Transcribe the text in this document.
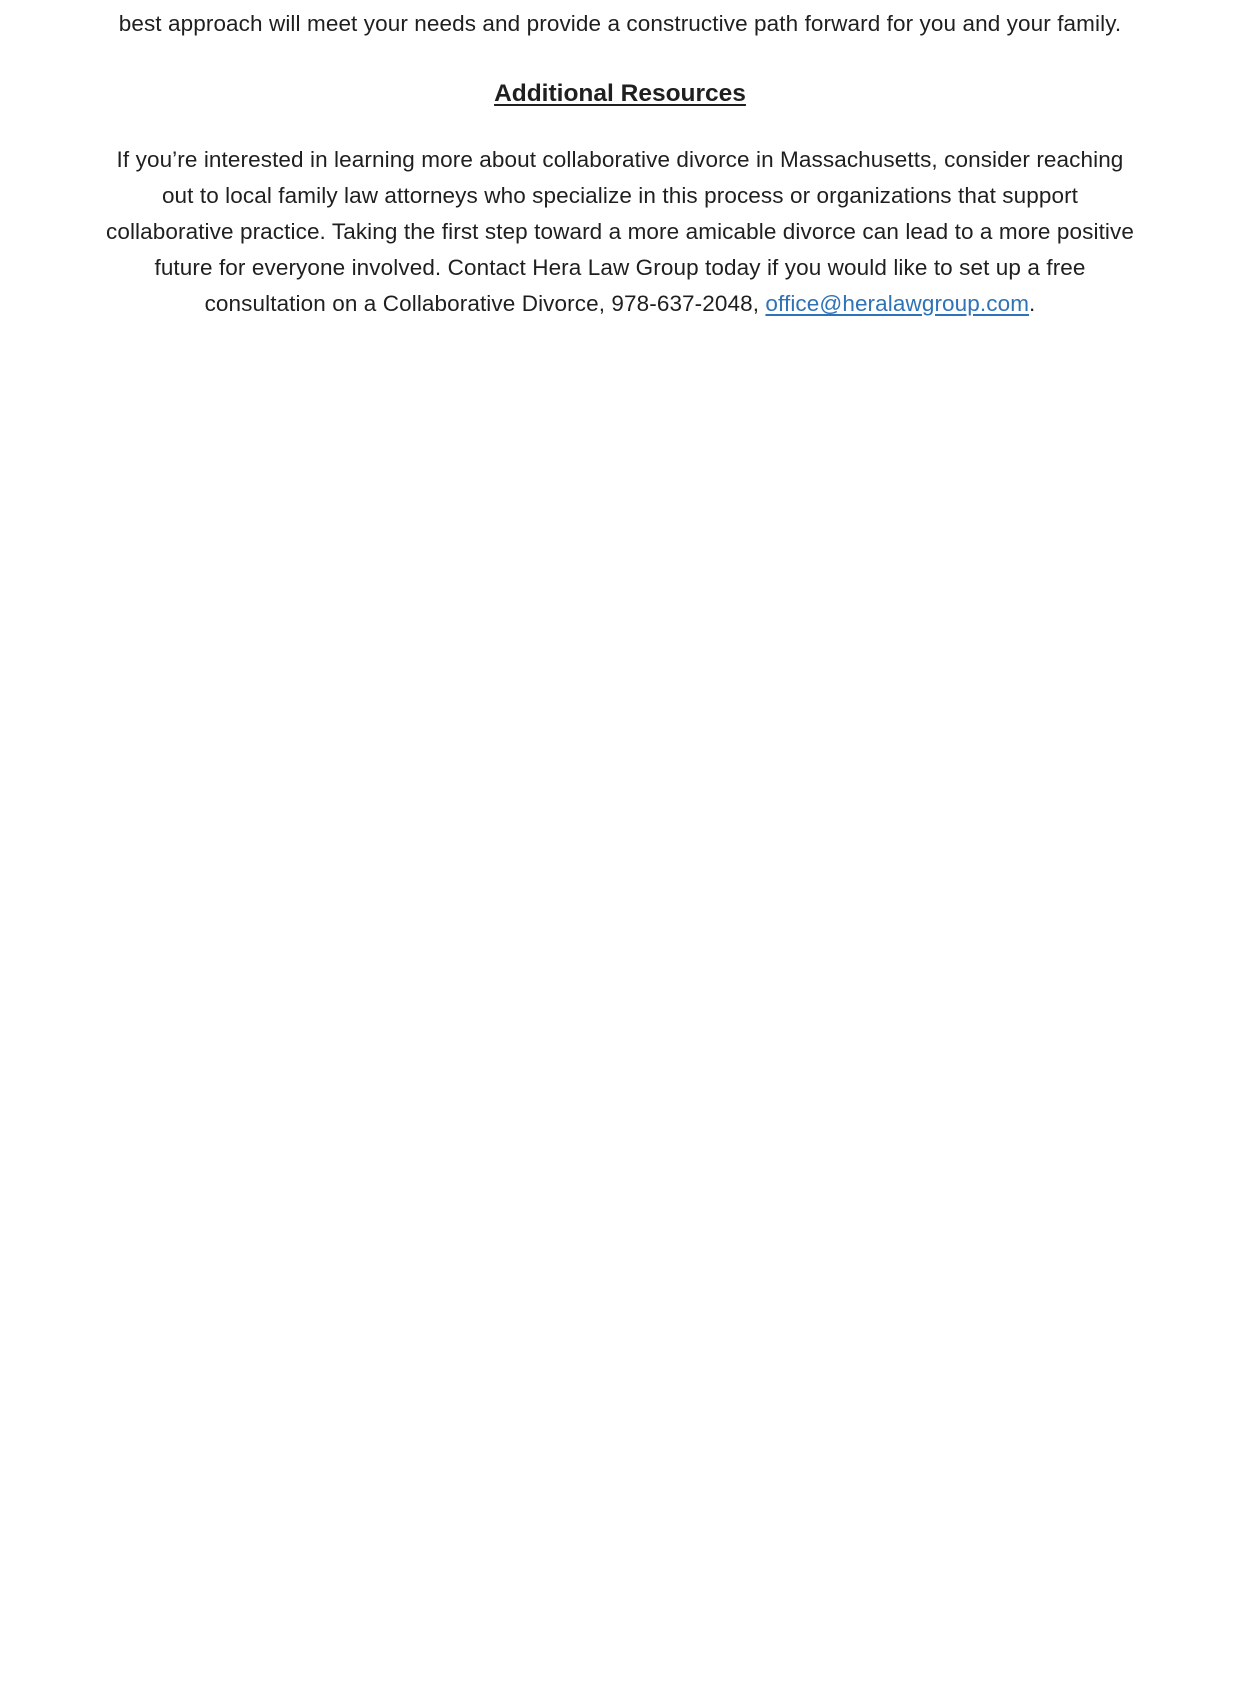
best approach will meet your needs and provide a constructive path forward for you and your family.

Additional Resources

If you’re interested in learning more about collaborative divorce in Massachusetts, consider reaching out to local family law attorneys who specialize in this process or organizations that support collaborative practice. Taking the first step toward a more amicable divorce can lead to a more positive future for everyone involved. Contact Hera Law Group today if you would like to set up a free consultation on a Collaborative Divorce, 978-637-2048, office@heralawgroup.com.
